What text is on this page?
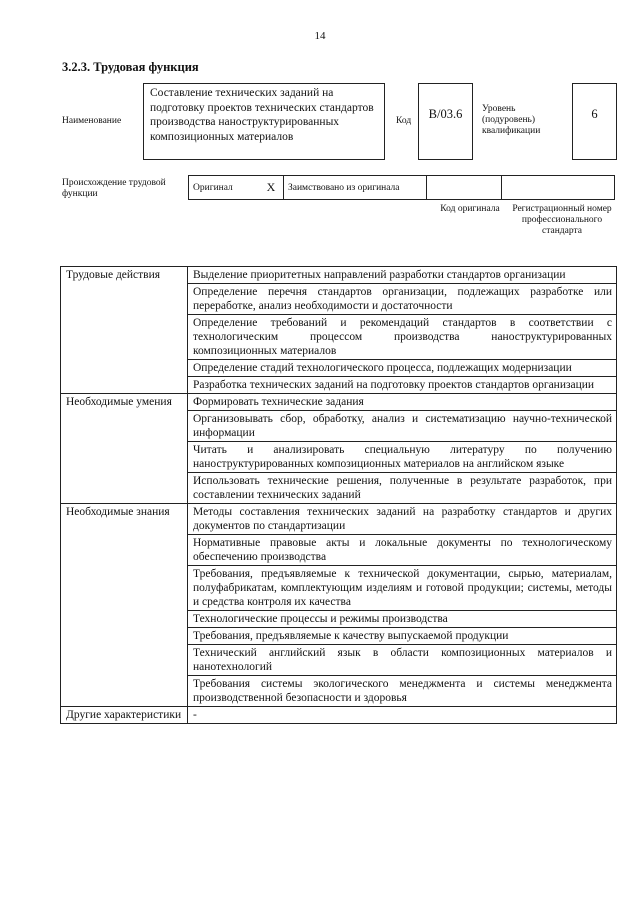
14
3.2.3. Трудовая функция
Наименование
Составление технических заданий на подготовку проектов технических стандартов производства наноструктурированных композиционных материалов
Код	B/03.6	Уровень (подуровень) квалификации
6
Происхождение трудовой функции
Оригинал	X	Заимствовано из оригинала		
Код оригинала	Регистрационный номер профессионального стандарта
Трудовые действия	Выделение приоритетных направлений разработки стандартов организации
	Определение перечня стандартов организации, подлежащих разработке или переработке, анализ необходимости и достаточности
	Определение требований и рекомендаций стандартов в соответствии с технологическим процессом производства наноструктурированных композиционных материалов
	Определение стадий технологического процесса, подлежащих модернизации
	Разработка технических заданий на подготовку проектов стандартов организации
Необходимые умения	Формировать технические задания
	Организовывать сбор, обработку, анализ и систематизацию научно-технической информации
	Читать и анализировать специальную литературу по получению наноструктурированных композиционных материалов на английском языке
	Использовать технические решения, полученные в результате разработок, при составлении технических заданий
Необходимые знания	Методы составления технических заданий на разработку стандартов и других документов по стандартизации
	Нормативные правовые акты и локальные документы по технологическому обеспечению производства
	Требования, предъявляемые к технической документации, сырью, материалам, полуфабрикатам, комплектующим изделиям и готовой продукции; системы, методы и средства контроля их качества
	Технологические процессы и режимы производства
	Требования, предъявляемые к качеству выпускаемой продукции
	Технический английский язык в области композиционных материалов и нанотехнологий
	Требования системы экологического менеджмента и системы менеджмента производственной безопасности и здоровья
Другие характеристики	-
